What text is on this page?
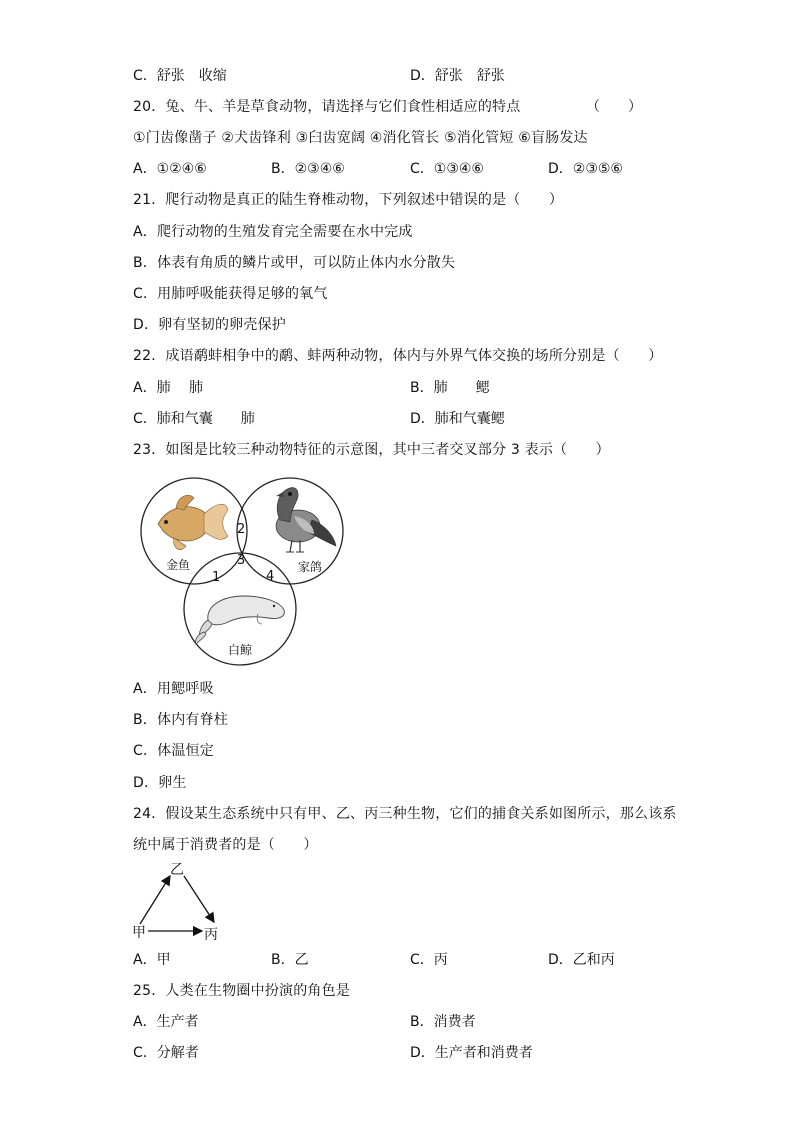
C．舒张　收缩	D．舒张　舒张
20．兔、牛、羊是草食动物，请选择与它们食性相适应的特点	（　　）
①门齿像凿子 ②犬齿锋利 ③臼齿宽阔 ④消化管长 ⑤消化管短 ⑥盲肠发达
A．①②④⑥	B．②③④⑥	C．①③④⑥	D．②③⑤⑥
21．爬行动物是真正的陆生脊椎动物，下列叙述中错误的是（　　）
A．爬行动物的生殖发育完全需要在水中完成
B．体表有角质的鳞片或甲，可以防止体内水分散失
C．用肺呼吸能获得足够的氧气
D．卵有坚韧的卵壳保护
22．成语鹬蚌相争中的鹬、蚌两种动物，体内与外界气体交换的场所分别是（　　）
A．肺　 肺	B．肺　　鳃
C．肺和气囊　　肺	D．肺和气囊鳃
23．如图是比较三种动物特征的示意图，其中三者交叉部分 3 表示（　　）
金鱼	家鸽
白鲸
2
3
1	4
A．用鳃呼吸
B．体内有脊柱
C．体温恒定
D．卵生
24．假设某生态系统中只有甲、乙、丙三种生物，它们的捕食关系如图所示，那么该系
统中属于消费者的是（　　）
乙
甲	丙
A．甲	B．乙	C．丙	D．乙和丙
25．人类在生物圈中扮演的角色是
A．生产者	B．消费者
C．分解者	D．生产者和消费者
